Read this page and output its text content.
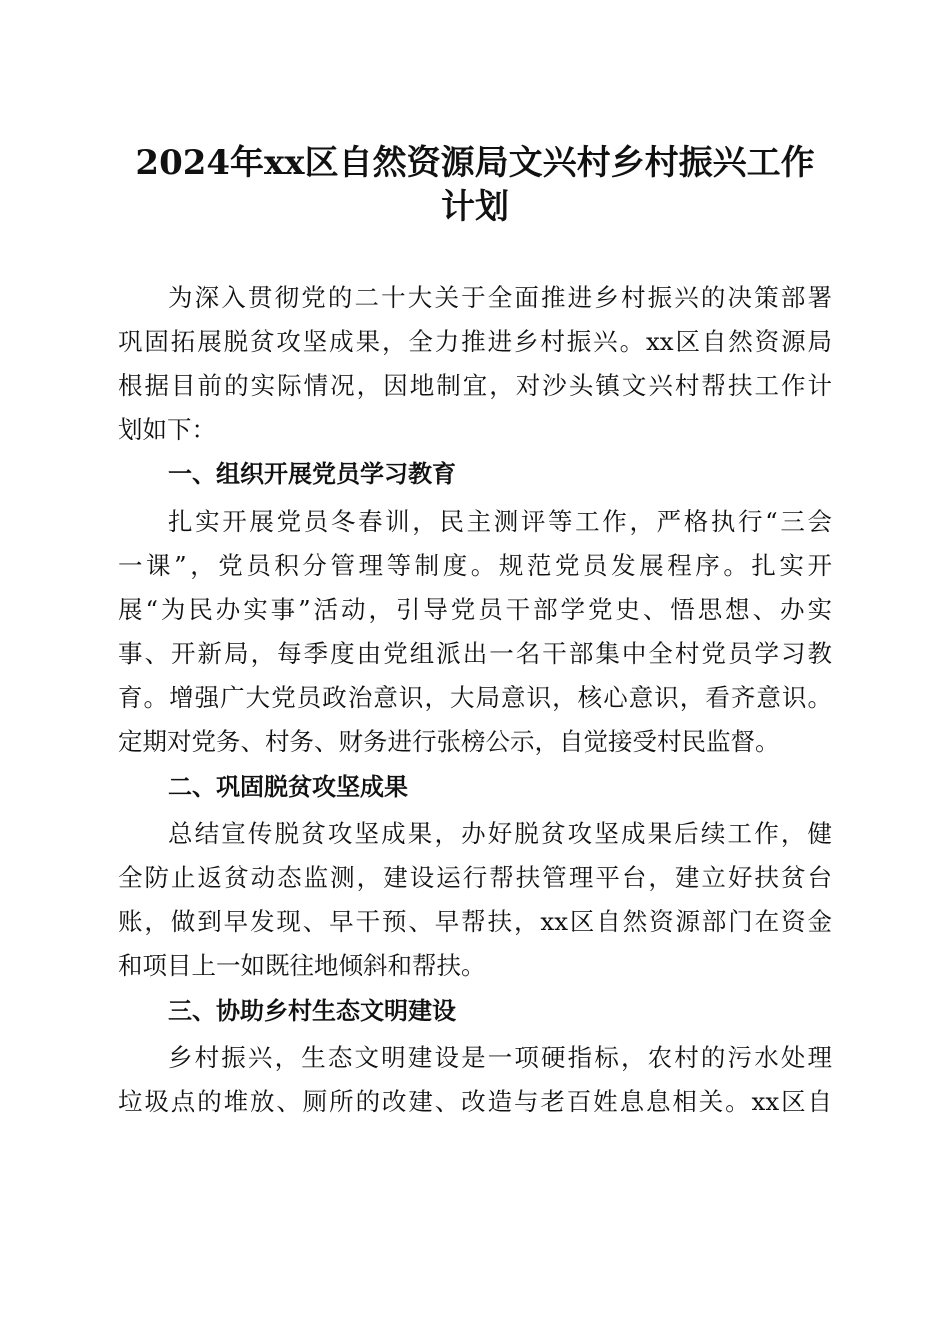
2024年xx区自然资源局文兴村乡村振兴工作
计划
为深入贯彻党的二十大关于全面推进乡村振兴的决策部署
巩固拓展脱贫攻坚成果，全力推进乡村振兴。xx区自然资源局
根据目前的实际情况，因地制宜，对沙头镇文兴村帮扶工作计
划如下：
一、组织开展党员学习教育
扎实开展党员冬春训，民主测评等工作，严格执行“三会
一课”，党员积分管理等制度。规范党员发展程序。扎实开
展“为民办实事”活动，引导党员干部学党史、悟思想、办实
事、开新局，每季度由党组派出一名干部集中全村党员学习教
育。增强广大党员政治意识，大局意识，核心意识，看齐意识。
定期对党务、村务、财务进行张榜公示，自觉接受村民监督。
二、巩固脱贫攻坚成果
总结宣传脱贫攻坚成果，办好脱贫攻坚成果后续工作，健
全防止返贫动态监测，建设运行帮扶管理平台，建立好扶贫台
账，做到早发现、早干预、早帮扶，xx区自然资源部门在资金
和项目上一如既往地倾斜和帮扶。
三、协助乡村生态文明建设
乡村振兴，生态文明建设是一项硬指标，农村的污水处理
垃圾点的堆放、厕所的改建、改造与老百姓息息相关。xx区自
